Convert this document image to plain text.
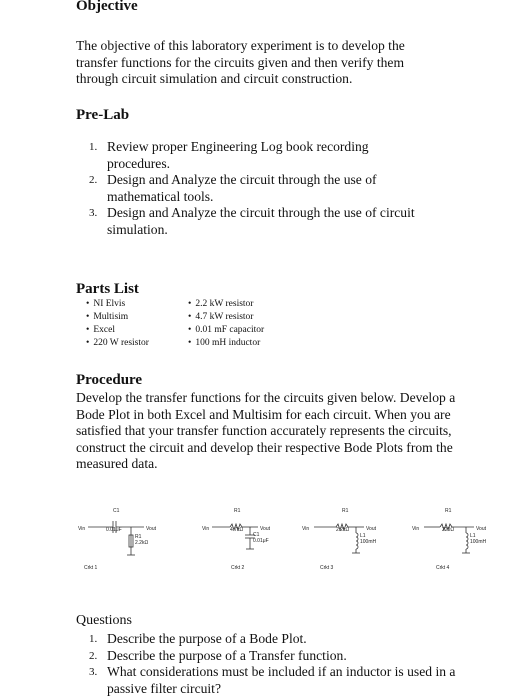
Objective
The objective of this laboratory experiment is to develop the transfer functions for the circuits given and then verify them through circuit simulation and circuit construction.
Pre-Lab
1. Review proper Engineering Log book recording procedures.
2. Design and Analyze the circuit through the use of mathematical tools.
3. Design and Analyze the circuit through the use of circuit simulation.
Parts List
• NI Elvis
• Multisim
• Excel
• 220 W resistor
• 2.2 kW resistor
• 4.7 kW resistor
• 0.01 mF capacitor
• 100 mH inductor
Procedure
Develop the transfer functions for the circuits given below. Develop a Bode Plot in both Excel and Multisim for each circuit. When you are satisfied that your transfer function accurately represents the circuits, construct the circuit and develop their respective Bode Plots from the measured data.
Vin
C1
0.01μF	Vout
R1
2.2kΩ
Crkt 1
Vin
R1
4.7kΩ	Vout
C1
0.01μF
Crkt 2
Vin
R1
2.2kΩ	Vout
L1
100mH
Crkt 3
Vin
R1
220Ω	Vout
L1
100mH
Crkt 4
Questions
1. Describe the purpose of a Bode Plot.
2. Describe the purpose of a Transfer function.
3. What considerations must be included if an inductor is used in a passive filter circuit?
